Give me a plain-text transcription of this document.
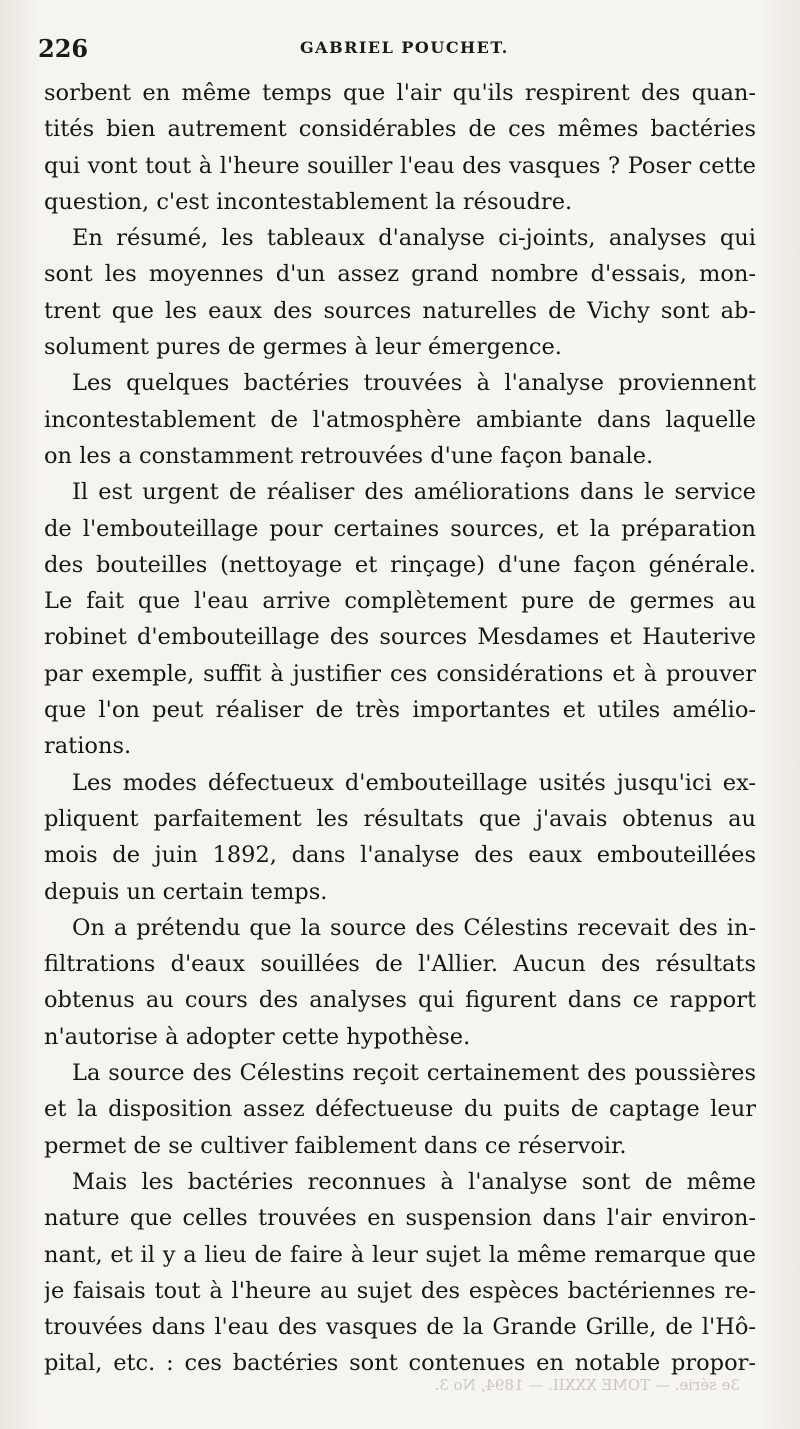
226	GABRIEL POUCHET.
sorbent en même temps que l'air qu'ils respirent des quan-
tités bien autrement considérables de ces mêmes bactéries
qui vont tout à l'heure souiller l'eau des vasques ? Poser cette
question, c'est incontestablement la résoudre.
En résumé, les tableaux d'analyse ci-joints, analyses qui
sont les moyennes d'un assez grand nombre d'essais, mon-
trent que les eaux des sources naturelles de Vichy sont ab-
solument pures de germes à leur émergence.
Les quelques bactéries trouvées à l'analyse proviennent
incontestablement de l'atmosphère ambiante dans laquelle
on les a constamment retrouvées d'une façon banale.
Il est urgent de réaliser des améliorations dans le service
de l'embouteillage pour certaines sources, et la préparation
des bouteilles (nettoyage et rinçage) d'une façon générale.
Le fait que l'eau arrive complètement pure de germes au
robinet d'embouteillage des sources Mesdames et Hauterive
par exemple, suffit à justifier ces considérations et à prouver
que l'on peut réaliser de très importantes et utiles amélio-
rations.
Les modes défectueux d'embouteillage usités jusqu'ici ex-
pliquent parfaitement les résultats que j'avais obtenus au
mois de juin 1892, dans l'analyse des eaux embouteillées
depuis un certain temps.
On a prétendu que la source des Célestins recevait des in-
filtrations d'eaux souillées de l'Allier. Aucun des résultats
obtenus au cours des analyses qui figurent dans ce rapport
n'autorise à adopter cette hypothèse.
La source des Célestins reçoit certainement des poussières
et la disposition assez défectueuse du puits de captage leur
permet de se cultiver faiblement dans ce réservoir.
Mais les bactéries reconnues à l'analyse sont de même
nature que celles trouvées en suspension dans l'air environ-
nant, et il y a lieu de faire à leur sujet la même remarque que
je faisais tout à l'heure au sujet des espèces bactériennes re-
trouvées dans l'eau des vasques de la Grande Grille, de l'Hô-
pital, etc. : ces bactéries sont contenues en notable propor-
3e série. — TOME XXXII. — 1894, No 3.
